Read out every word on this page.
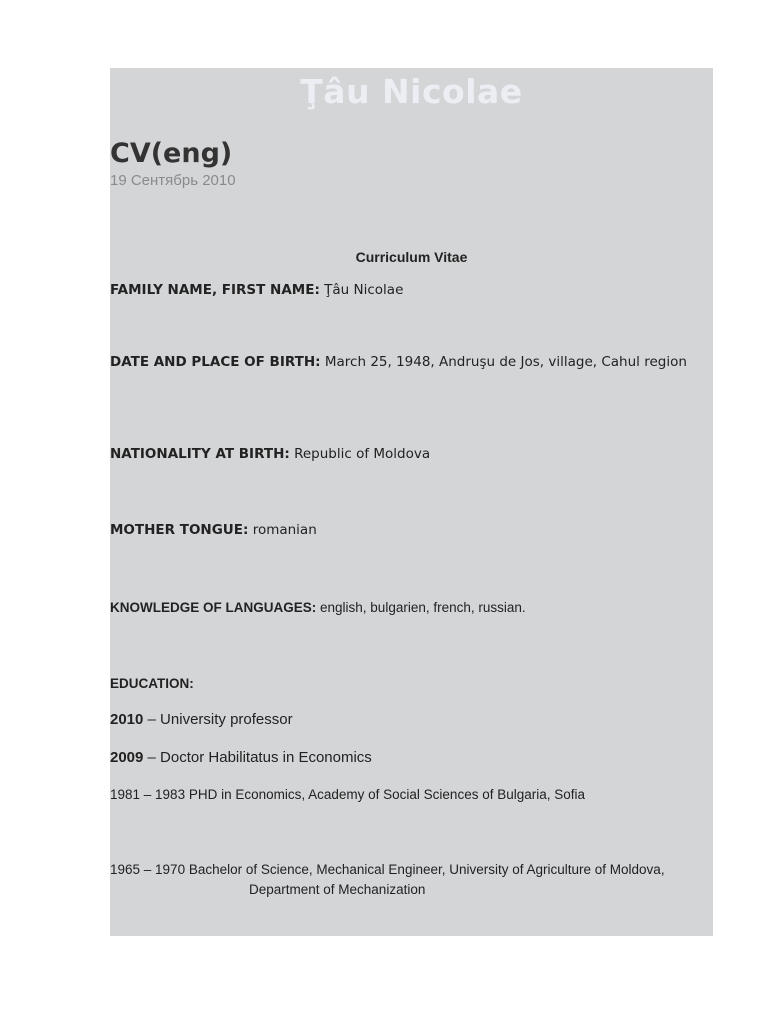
Ţâu Nicolae
CV(eng)
19 Сентябрь 2010
Curriculum Vitae
FAMILY NAME, FIRST NAME: Ţâu Nicolae
DATE AND PLACE OF BIRTH: March 25, 1948, Andruşu de Jos, village, Cahul region
NATIONALITY AT BIRTH: Republic of Moldova
MOTHER TONGUE: romanian
KNOWLEDGE OF LANGUAGES: english, bulgarien, french, russian.
EDUCATION:
2010 – University professor
2009 – Doctor Habilitatus in Economics
1981 – 1983 PHD in Economics, Academy of Social Sciences of Bulgaria, Sofia
1965 – 1970 Bachelor of Science, Mechanical Engineer, University of Agriculture of Moldova,
Department of Mechanization
